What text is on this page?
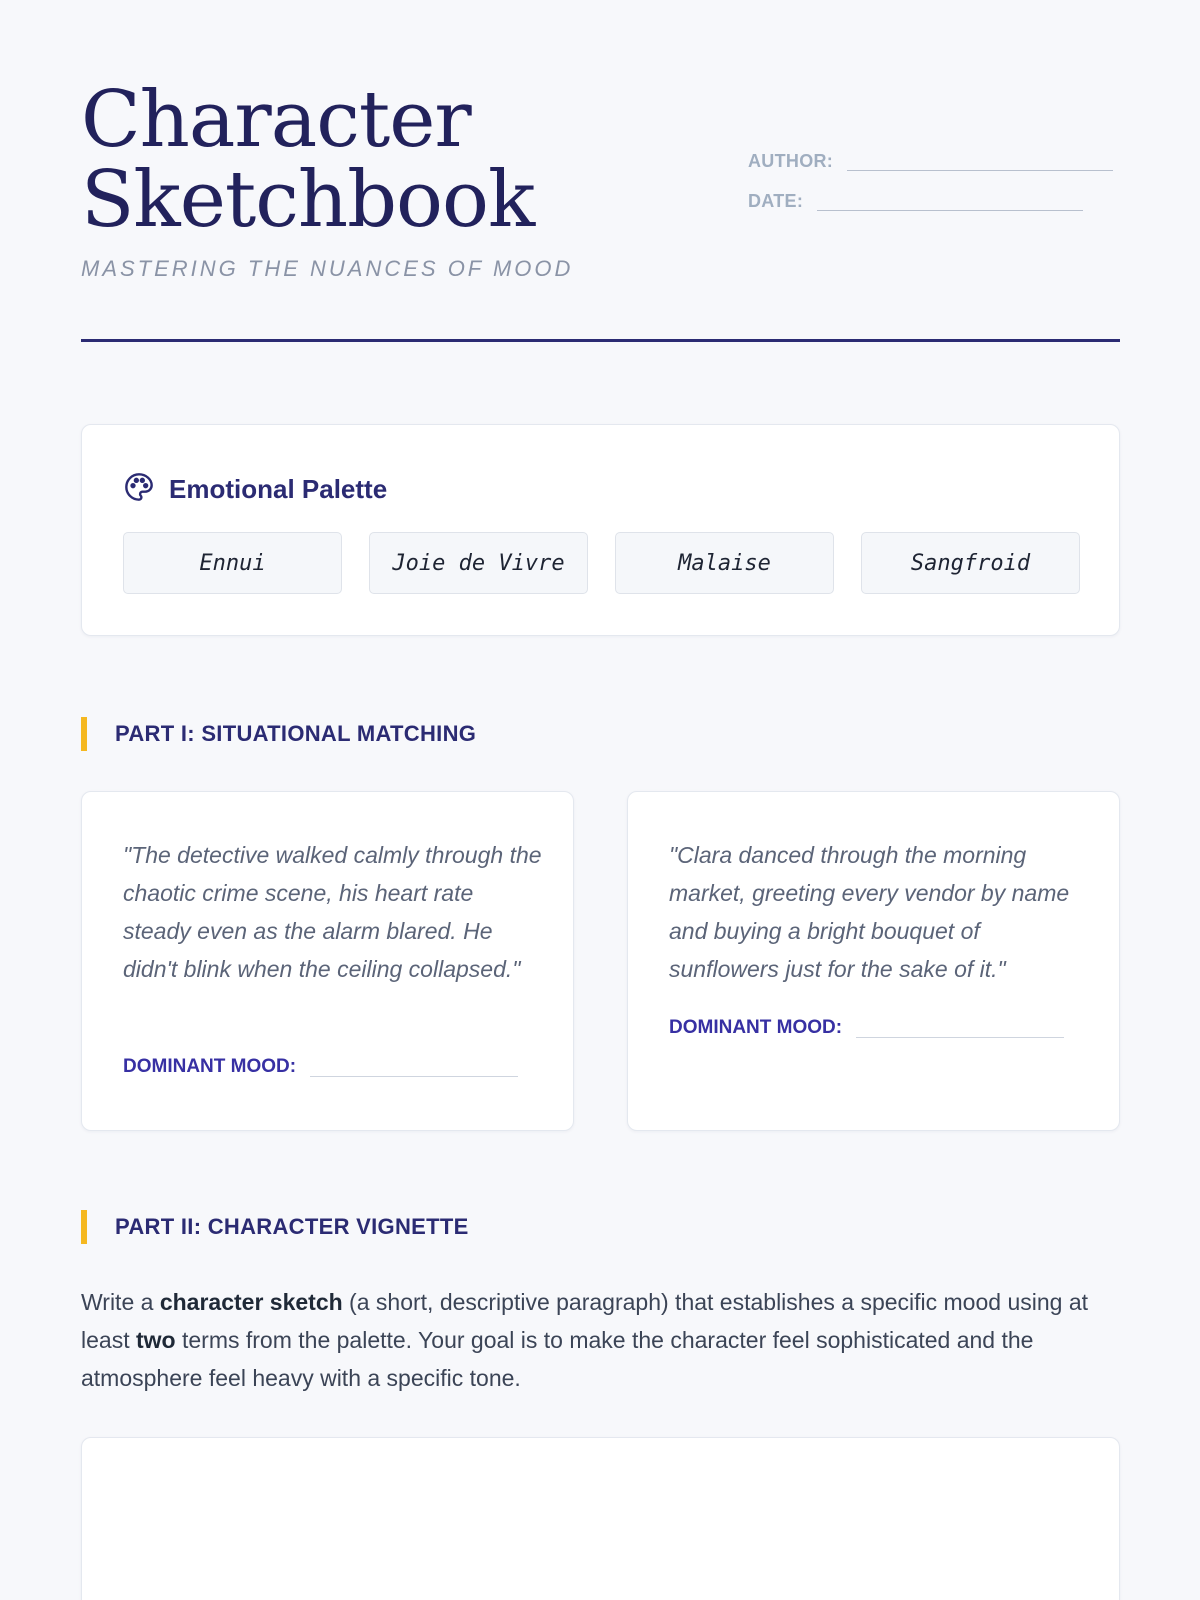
Character
Sketchbook
MASTERING THE NUANCES OF MOOD
AUTHOR:
DATE:
Emotional Palette
Ennui	Joie de Vivre	Malaise	Sangfroid
PART I: SITUATIONAL MATCHING
"The detective walked calmly through the chaotic crime scene, his heart rate steady even as the alarm blared. He didn't blink when the ceiling collapsed."
DOMINANT MOOD:
"Clara danced through the morning market, greeting every vendor by name and buying a bright bouquet of sunflowers just for the sake of it."
DOMINANT MOOD:
PART II: CHARACTER VIGNETTE

Write a character sketch (a short, descriptive paragraph) that establishes a specific mood using at least two terms from the palette. Your goal is to make the character feel sophisticated and the atmosphere feel heavy with a specific tone.
